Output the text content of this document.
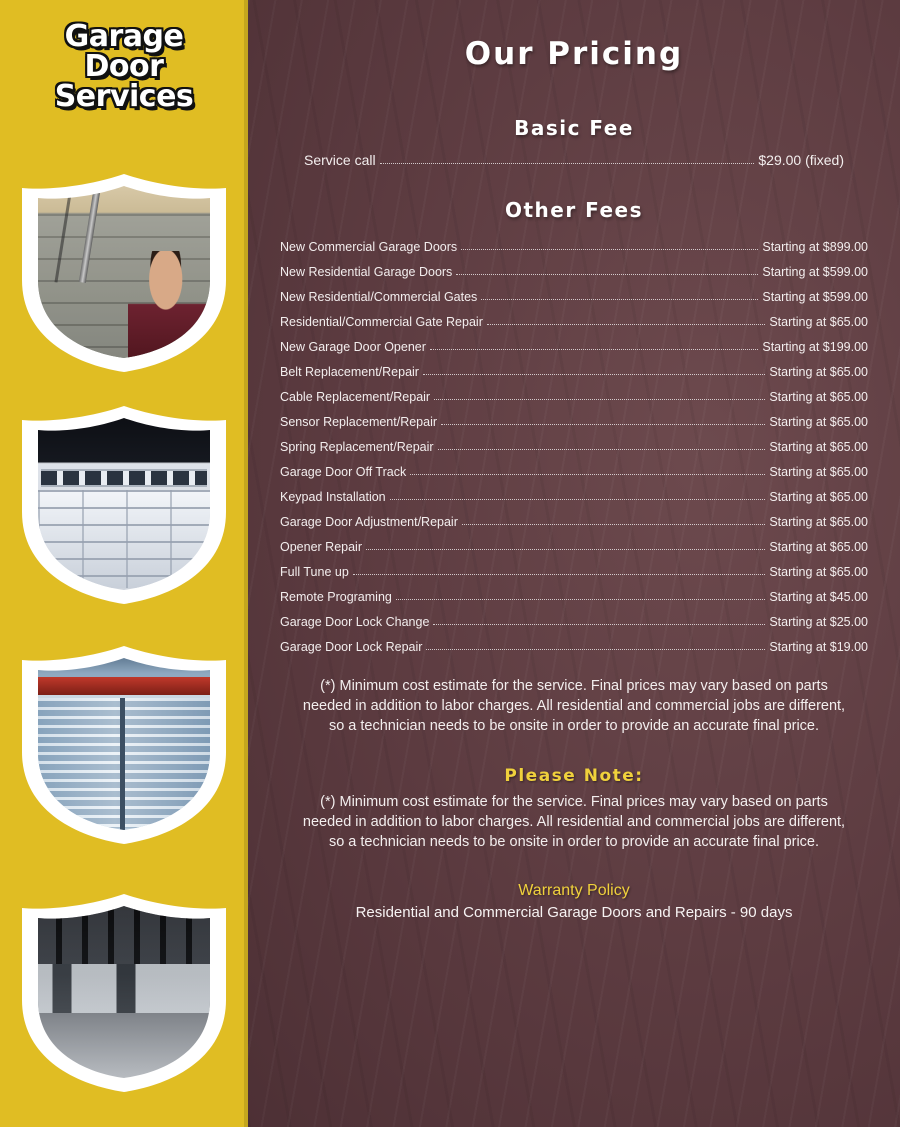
Garage
Door
Services
Our Pricing
Basic Fee
Service call	$29.00 (fixed)
Other Fees
New Commercial Garage Doors	Starting at $899.00
New Residential Garage Doors	Starting at $599.00
New Residential/Commercial Gates	Starting at $599.00
Residential/Commercial Gate Repair	Starting at $65.00
New Garage Door Opener	Starting at $199.00
Belt Replacement/Repair	Starting at $65.00
Cable Replacement/Repair	Starting at $65.00
Sensor Replacement/Repair	Starting at $65.00
Spring Replacement/Repair	Starting at $65.00
Garage Door Off Track	Starting at $65.00
Keypad Installation	Starting at $65.00
Garage Door Adjustment/Repair	Starting at $65.00
Opener Repair	Starting at $65.00
Full Tune up	Starting at $65.00
Remote Programing	Starting at $45.00
Garage Door Lock Change	Starting at $25.00
Garage Door Lock Repair	Starting at $19.00
(*) Minimum cost estimate for the service. Final prices may vary based on parts needed in addition to labor charges. All residential and commercial jobs are different, so a technician needs to be onsite in order to provide an accurate final price.
Please Note:
(*) Minimum cost estimate for the service. Final prices may vary based on parts needed in addition to labor charges. All residential and commercial jobs are different, so a technician needs to be onsite in order to provide an accurate final price.
Warranty Policy
Residential and Commercial Garage Doors and Repairs - 90 days
